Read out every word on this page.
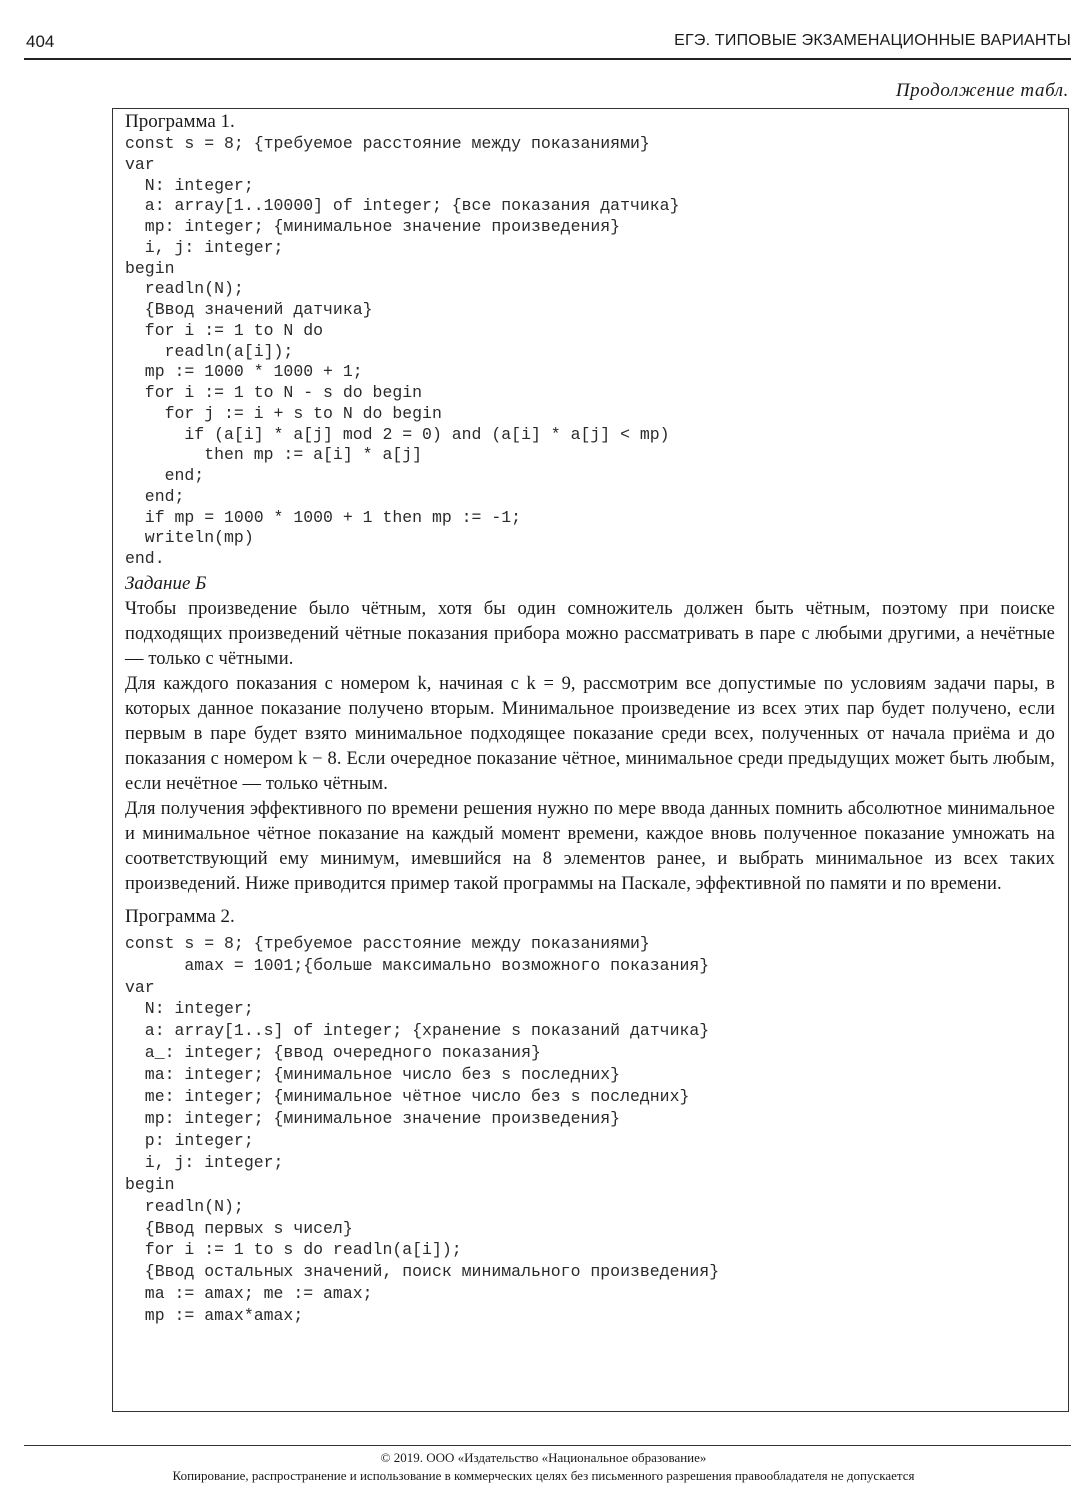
404	ЕГЭ. ТИПОВЫЕ ЭКЗАМЕНАЦИОННЫЕ ВАРИАНТЫ
Продолжение табл.

Программа 1.

const s = 8; {требуемое расстояние между показаниями}
var
N: integer;
a: array[1..10000] of integer; {все показания датчика}
mp: integer; {минимальное значение произведения}
i, j: integer;
begin
readln(N);
{Ввод значений датчика}
for i := 1 to N do
readln(a[i]);
mp := 1000 * 1000 + 1;
for i := 1 to N - s do begin
for j := i + s to N do begin
if (a[i] * a[j] mod 2 = 0) and (a[i] * a[j] < mp)
then mp := a[i] * a[j]
end;
end;
if mp = 1000 * 1000 + 1 then mp := -1;
writeln(mp)
end.

Задание Б

Чтобы произведение было чётным, хотя бы один сомножитель должен быть чётным, поэтому при поиске подходящих произведений чётные показания прибора можно рассматривать в паре с любыми другими, а нечётные — только с чётными.

Для каждого показания с номером k, начиная с k = 9, рассмотрим все допустимые по условиям задачи пары, в которых данное показание получено вторым. Минимальное произведение из всех этих пар будет получено, если первым в паре будет взято минимальное подходящее показание среди всех, полученных от начала приёма и до показания с номером k − 8. Если очередное показание чётное, минимальное среди предыдущих может быть любым, если нечётное — только чётным.

Для получения эффективного по времени решения нужно по мере ввода данных помнить абсолютное минимальное и минимальное чётное показание на каждый момент времени, каждое вновь полученное показание умножать на соответствующий ему минимум, имевшийся на 8 элементов ранее, и выбрать минимальное из всех таких произведений. Ниже приводится пример такой программы на Паскале, эффективной по памяти и по времени.

Программа 2.

const s = 8; {требуемое расстояние между показаниями}
amax = 1001;{больше максимально возможного показания}
var
N: integer;
a: array[1..s] of integer; {хранение s показаний датчика}
a_: integer; {ввод очередного показания}
ma: integer; {минимальное число без s последних}
me: integer; {минимальное чётное число без s последних}
mp: integer; {минимальное значение произведения}
p: integer;
i, j: integer;
begin
readln(N);
{Ввод первых s чисел}
for i := 1 to s do readln(a[i]);
{Ввод остальных значений, поиск минимального произведения}
ma := amax; me := amax;
mp := amax*amax;
© 2019. ООО «Издательство «Национальное образование»
Копирование, распространение и использование в коммерческих целях без письменного разрешения правообладателя не допускается
